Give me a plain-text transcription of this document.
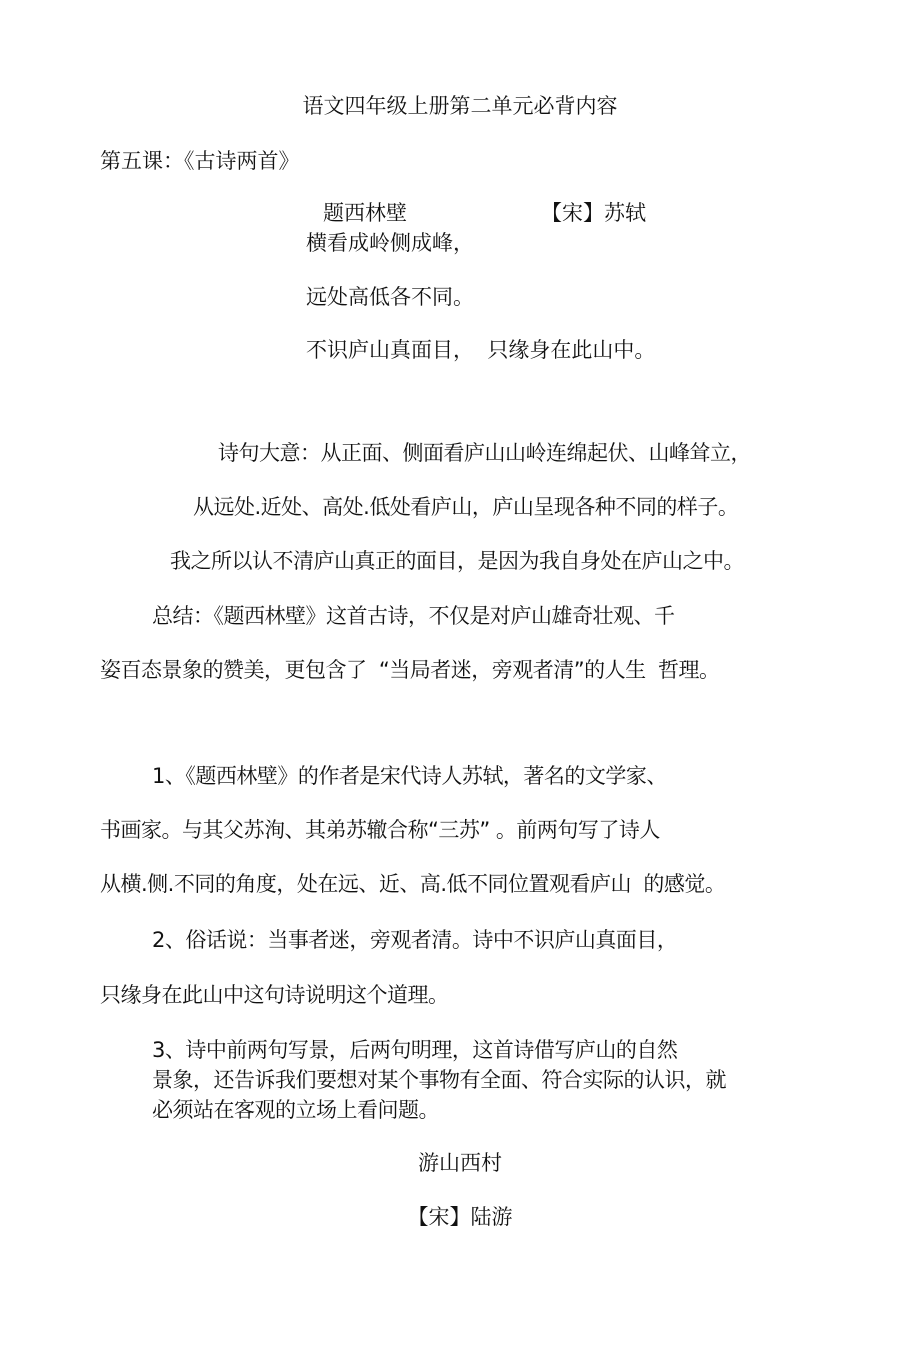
语文四年级上册第二单元必背内容
第五课：《古诗两首》
题西林壁	【宋】苏轼
横看成岭侧成峰，
远处高低各不同。
不识庐山真面目，  只缘身在此山中。
诗句大意：从正面、侧面看庐山山岭连绵起伏、山峰耸立，
从远处.近处、高处.低处看庐山，庐山呈现各种不同的样子。
我之所以认不清庐山真正的面目，是因为我自身处在庐山之中。
总结：《题西林壁》这首古诗，不仅是对庐山雄奇壮观、千
姿百态景象的赞美，更包含了  “当局者迷，旁观者清”的人生  哲理。
1、《题西林壁》的作者是宋代诗人苏轼，著名的文学家、
书画家。与其父苏洵、其弟苏辙合称“三苏” 。前两句写了诗人
从横.侧.不同的角度，处在远、近、高.低不同位置观看庐山  的感觉。
2、俗话说：当事者迷，旁观者清。诗中不识庐山真面目，
只缘身在此山中这句诗说明这个道理。
3、诗中前两句写景，后两句明理，这首诗借写庐山的自然
景象，还告诉我们要想对某个事物有全面、符合实际的认识，就
必须站在客观的立场上看问题。
游山西村
【宋】陆游
